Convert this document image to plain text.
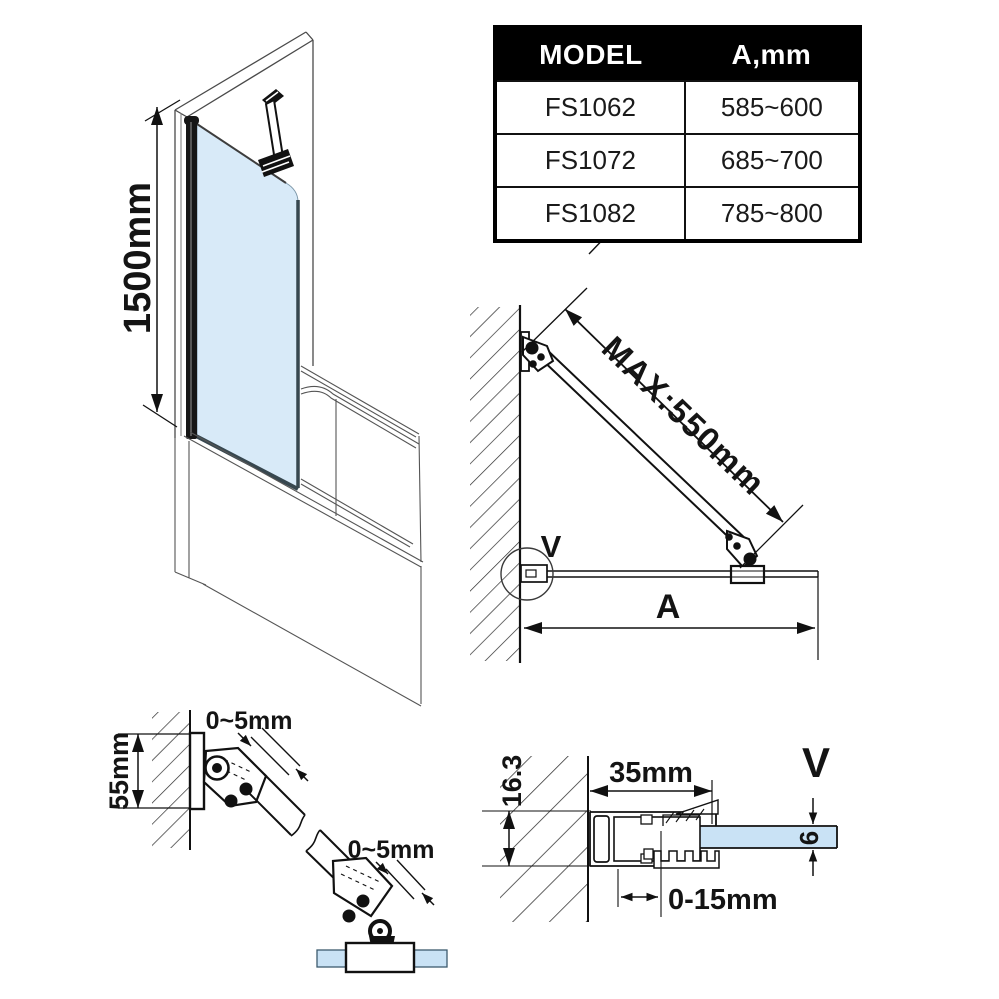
1500mm
MAX:550mm
V
A
55mm
0~5mm
0~5mm
V
16.3	35mm
6
0-15mm
MODEL	A,mm
FS1062	585~600
FS1072	685~700
FS1082	785~800
